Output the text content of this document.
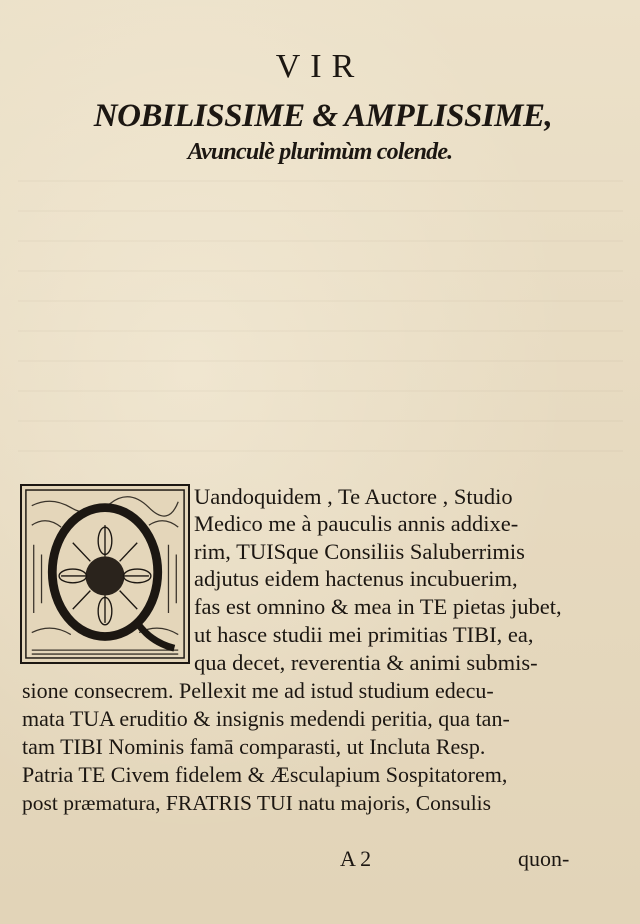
VIR
NOBILISSIME & AMPLISSIME,
Avunculè plurimùm colende.
Uandoquidem , Te Auctore , Studio
Medico me à pauculis annis addixe-
rim, TUISque Consiliis Saluberrimis
adjutus eidem hactenus incubuerim,
fas est omnino & mea in TE pietas jubet,
ut hasce studii mei primitias TIBI, ea,
qua decet, reverentia & animi submis-
sione consecrem. Pellexit me ad istud studium edecu-
mata TUA eruditio & insignis medendi peritia, qua tan-
tam TIBI Nominis famā comparasti, ut Incluta Resp.
Patria TE Civem fidelem & Æsculapium Sospitatorem,
post præmatura, FRATRIS TUI natu majoris, Consulis
A 2	quon-
